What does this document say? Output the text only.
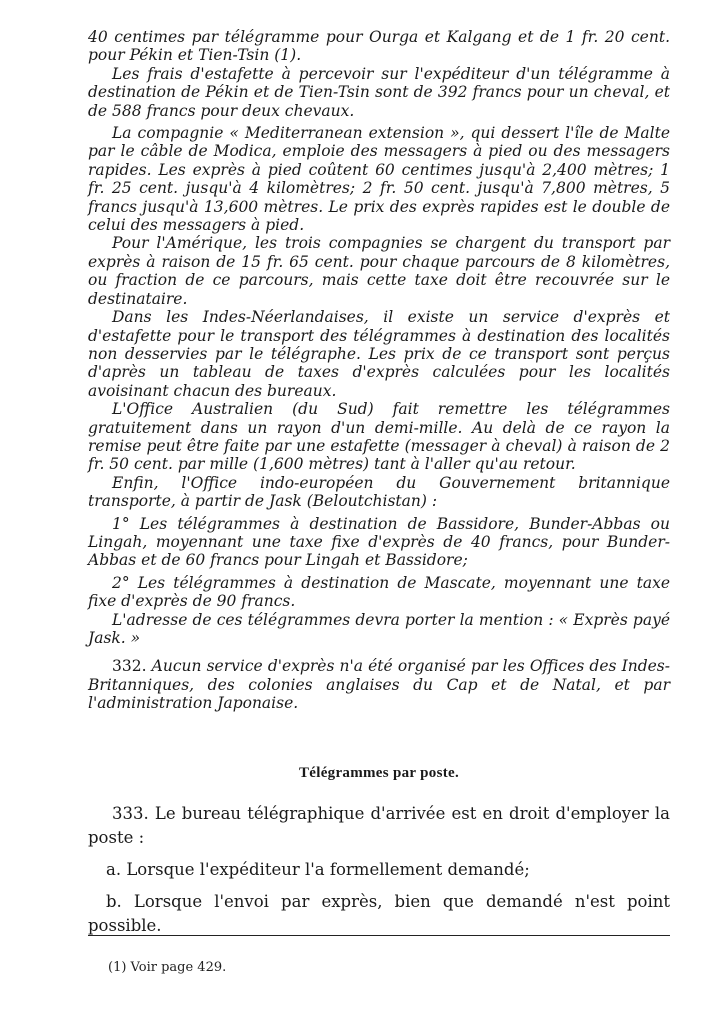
40 centimes par télégramme pour Ourga et Kalgang et de 1 fr. 20 cent. pour Pékin et Tien-Tsin (1).

Les frais d'estafette à percevoir sur l'expéditeur d'un télégramme à destination de Pékin et de Tien-Tsin sont de 392 francs pour un cheval, et de 588 francs pour deux chevaux.

La compagnie « Mediterranean extension », qui dessert l'île de Malte par le câble de Modica, emploie des messagers à pied ou des messagers rapides. Les exprès à pied coûtent 60 centimes jusqu'à 2,400 mètres; 1 fr. 25 cent. jusqu'à 4 kilomètres; 2 fr. 50 cent. jusqu'à 7,800 mètres, 5 francs jusqu'à 13,600 mètres. Le prix des exprès rapides est le double de celui des messagers à pied.

Pour l'Amérique, les trois compagnies se chargent du transport par exprès à raison de 15 fr. 65 cent. pour chaque parcours de 8 kilomètres, ou fraction de ce parcours, mais cette taxe doit être recouvrée sur le destinataire.

Dans les Indes-Néerlandaises, il existe un service d'exprès et d'estafette pour le transport des télégrammes à destination des localités non desservies par le télégraphe. Les prix de ce transport sont perçus d'après un tableau de taxes d'exprès calculées pour les localités avoisinant chacun des bureaux.

L'Office Australien (du Sud) fait remettre les télégrammes gratuitement dans un rayon d'un demi-mille. Au delà de ce rayon la remise peut être faite par une estafette (messager à cheval) à raison de 2 fr. 50 cent. par mille (1,600 mètres) tant à l'aller qu'au retour.

Enfin, l'Office indo-européen du Gouvernement britannique transporte, à partir de Jask (Beloutchistan) :

1° Les télégrammes à destination de Bassidore, Bunder-Abbas ou Lingah, moyennant une taxe fixe d'exprès de 40 francs, pour Bunder-Abbas et de 60 francs pour Lingah et Bassidore;

2° Les télégrammes à destination de Mascate, moyennant une taxe fixe d'exprès de 90 francs.

L'adresse de ces télégrammes devra porter la mention : « Exprès payé Jask. »

332. Aucun service d'exprès n'a été organisé par les Offices des Indes-Britanniques, des colonies anglaises du Cap et de Natal, et par l'administration Japonaise.

Télégrammes par poste.

333. Le bureau télégraphique d'arrivée est en droit d'employer la poste :

a. Lorsque l'expéditeur l'a formellement demandé;

b. Lorsque l'envoi par exprès, bien que demandé n'est point possible.

(1) Voir page 429.
